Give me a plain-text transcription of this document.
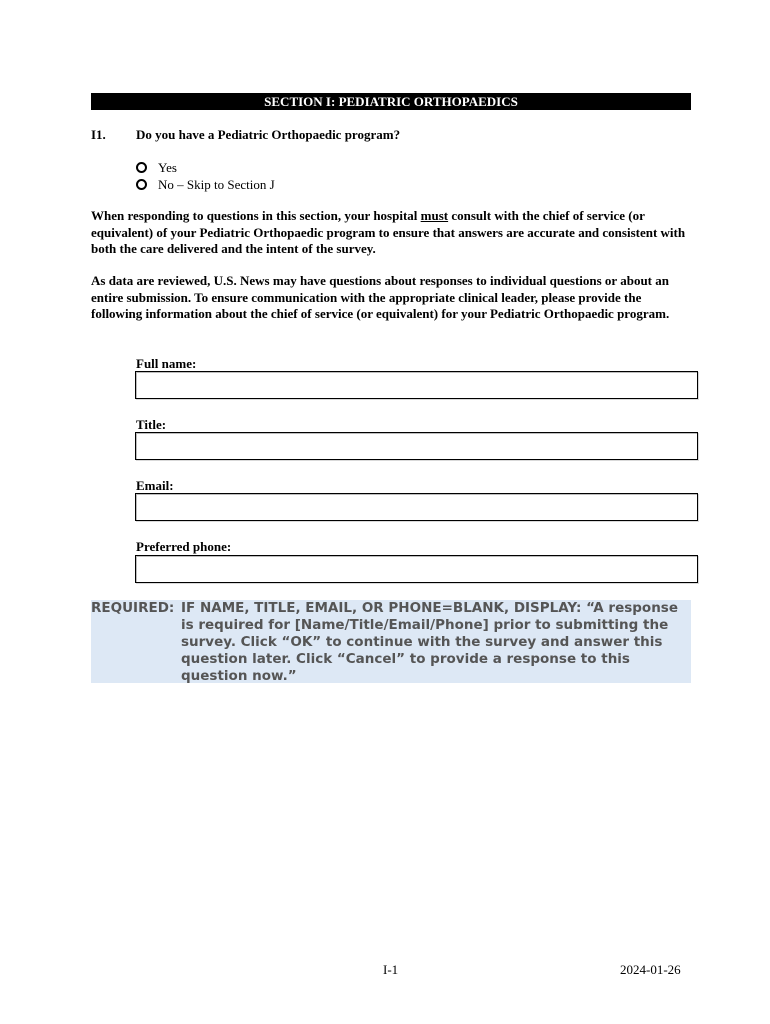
SECTION I: PEDIATRIC ORTHOPAEDICS
I1.	Do you have a Pediatric Orthopaedic program?
Yes
No – Skip to Section J
When responding to questions in this section, your hospital must consult with the chief of service (or equivalent) of your Pediatric Orthopaedic program to ensure that answers are accurate and consistent with both the care delivered and the intent of the survey.
As data are reviewed, U.S. News may have questions about responses to individual questions or about an entire submission. To ensure communication with the appropriate clinical leader, please provide the following information about the chief of service (or equivalent) for your Pediatric Orthopaedic program.
Full name:
Title:
Email:
Preferred phone:
REQUIRED: IF NAME, TITLE, EMAIL, OR PHONE=BLANK, DISPLAY: “A response is required for [Name/Title/Email/Phone] prior to submitting the survey. Click “OK” to continue with the survey and answer this question later. Click “Cancel” to provide a response to this question now.”
I-1	2024-01-26
